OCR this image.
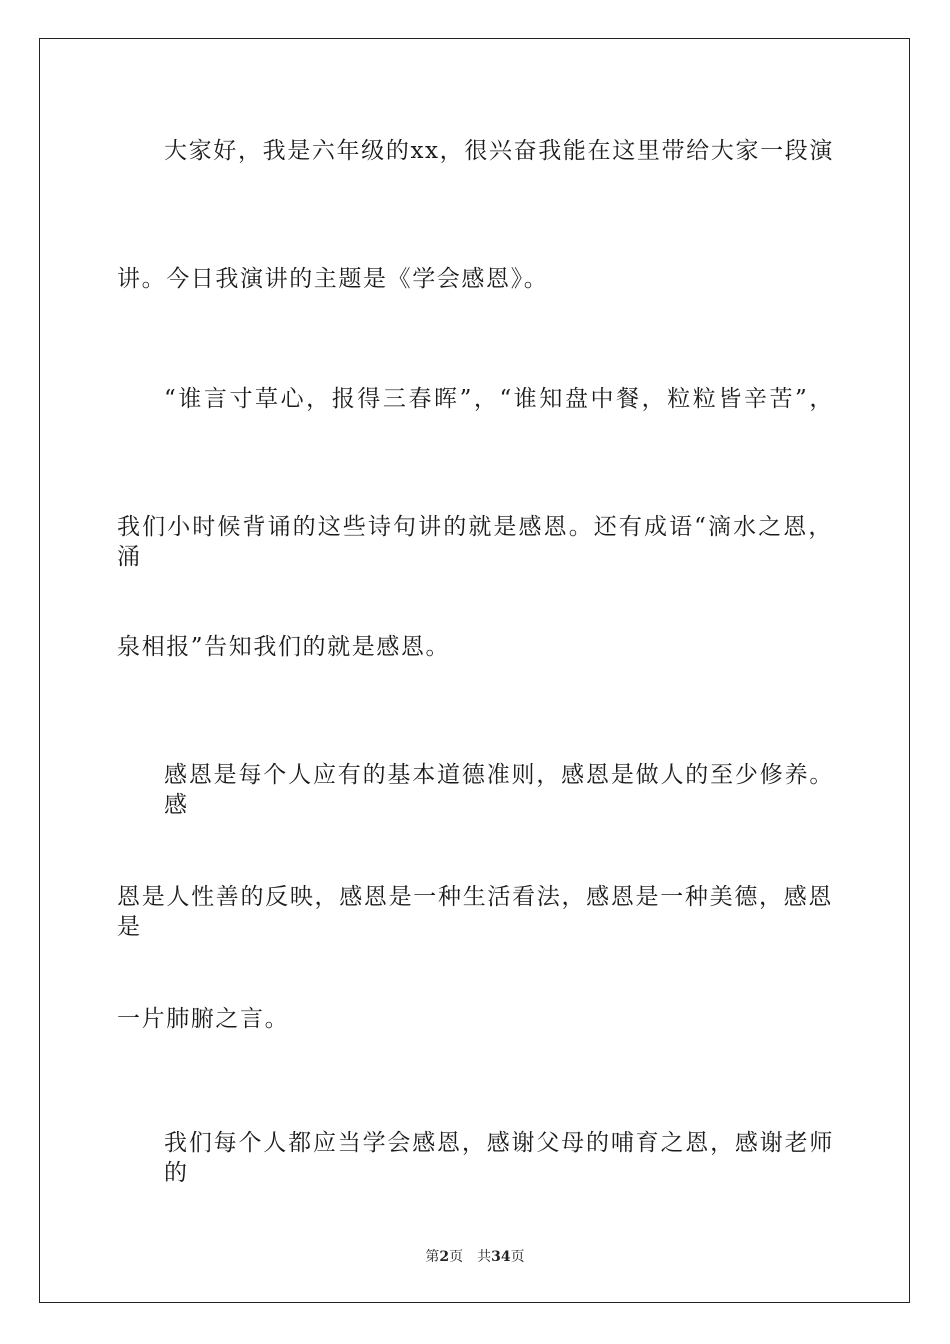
大家好，我是六年级的xx，很兴奋我能在这里带给大家一段演
讲。今日我演讲的主题是《学会感恩》。
“谁言寸草心，报得三春晖”，“谁知盘中餐，粒粒皆辛苦”，
我们小时候背诵的这些诗句讲的就是感恩。还有成语“滴水之恩，涌
泉相报”告知我们的就是感恩。
感恩是每个人应有的基本道德准则，感恩是做人的至少修养。感
恩是人性善的反映，感恩是一种生活看法，感恩是一种美德，感恩是
一片肺腑之言。
我们每个人都应当学会感恩，感谢父母的哺育之恩，感谢老师的
第2页 共34页
